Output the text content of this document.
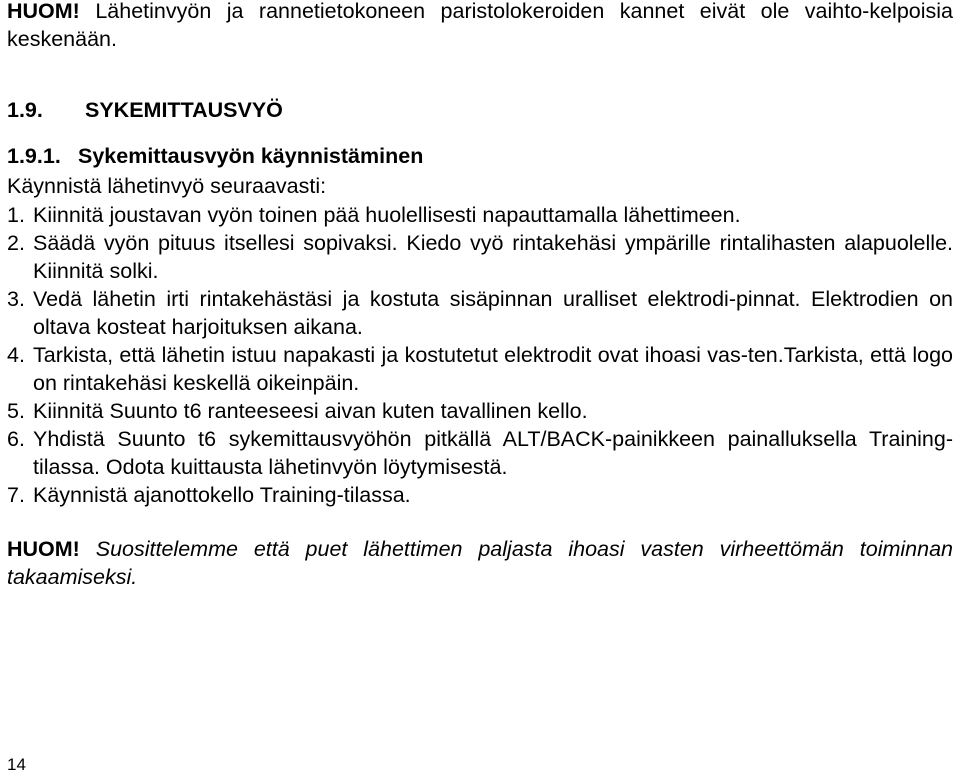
HUOM! Lähetinvyön ja rannetietokoneen paristolokeroiden kannet eivät ole vaihto-kelpoisia keskenään.
1.9. SYKEMITTAUSVYÖ
1.9.1. Sykemittausvyön käynnistäminen
Käynnistä lähetinvyö seuraavasti:
1. Kiinnitä joustavan vyön toinen pää huolellisesti napauttamalla lähettimeen.
2. Säädä vyön pituus itsellesi sopivaksi. Kiedo vyö rintakehäsi ympärille rintalihasten alapuolelle. Kiinnitä solki.
3. Vedä lähetin irti rintakehästäsi ja kostuta sisäpinnan uralliset elektrodi-pinnat. Elektrodien on oltava kosteat harjoituksen aikana.
4. Tarkista, että lähetin istuu napakasti ja kostutetut elektrodit ovat ihoasi vas-ten.Tarkista, että logo on rintakehäsi keskellä oikeinpäin.
5. Kiinnitä Suunto t6 ranteeseesi aivan kuten tavallinen kello.
6. Yhdistä Suunto t6 sykemittausvyöhön pitkällä ALT/BACK-painikkeen painalluksella Training-tilassa. Odota kuittausta lähetinvyön löytymisestä.
7. Käynnistä ajanottokello Training-tilassa.
HUOM! Suosittelemme että puet lähettimen paljasta ihoasi vasten virheettömän toiminnan takaamiseksi.
14
